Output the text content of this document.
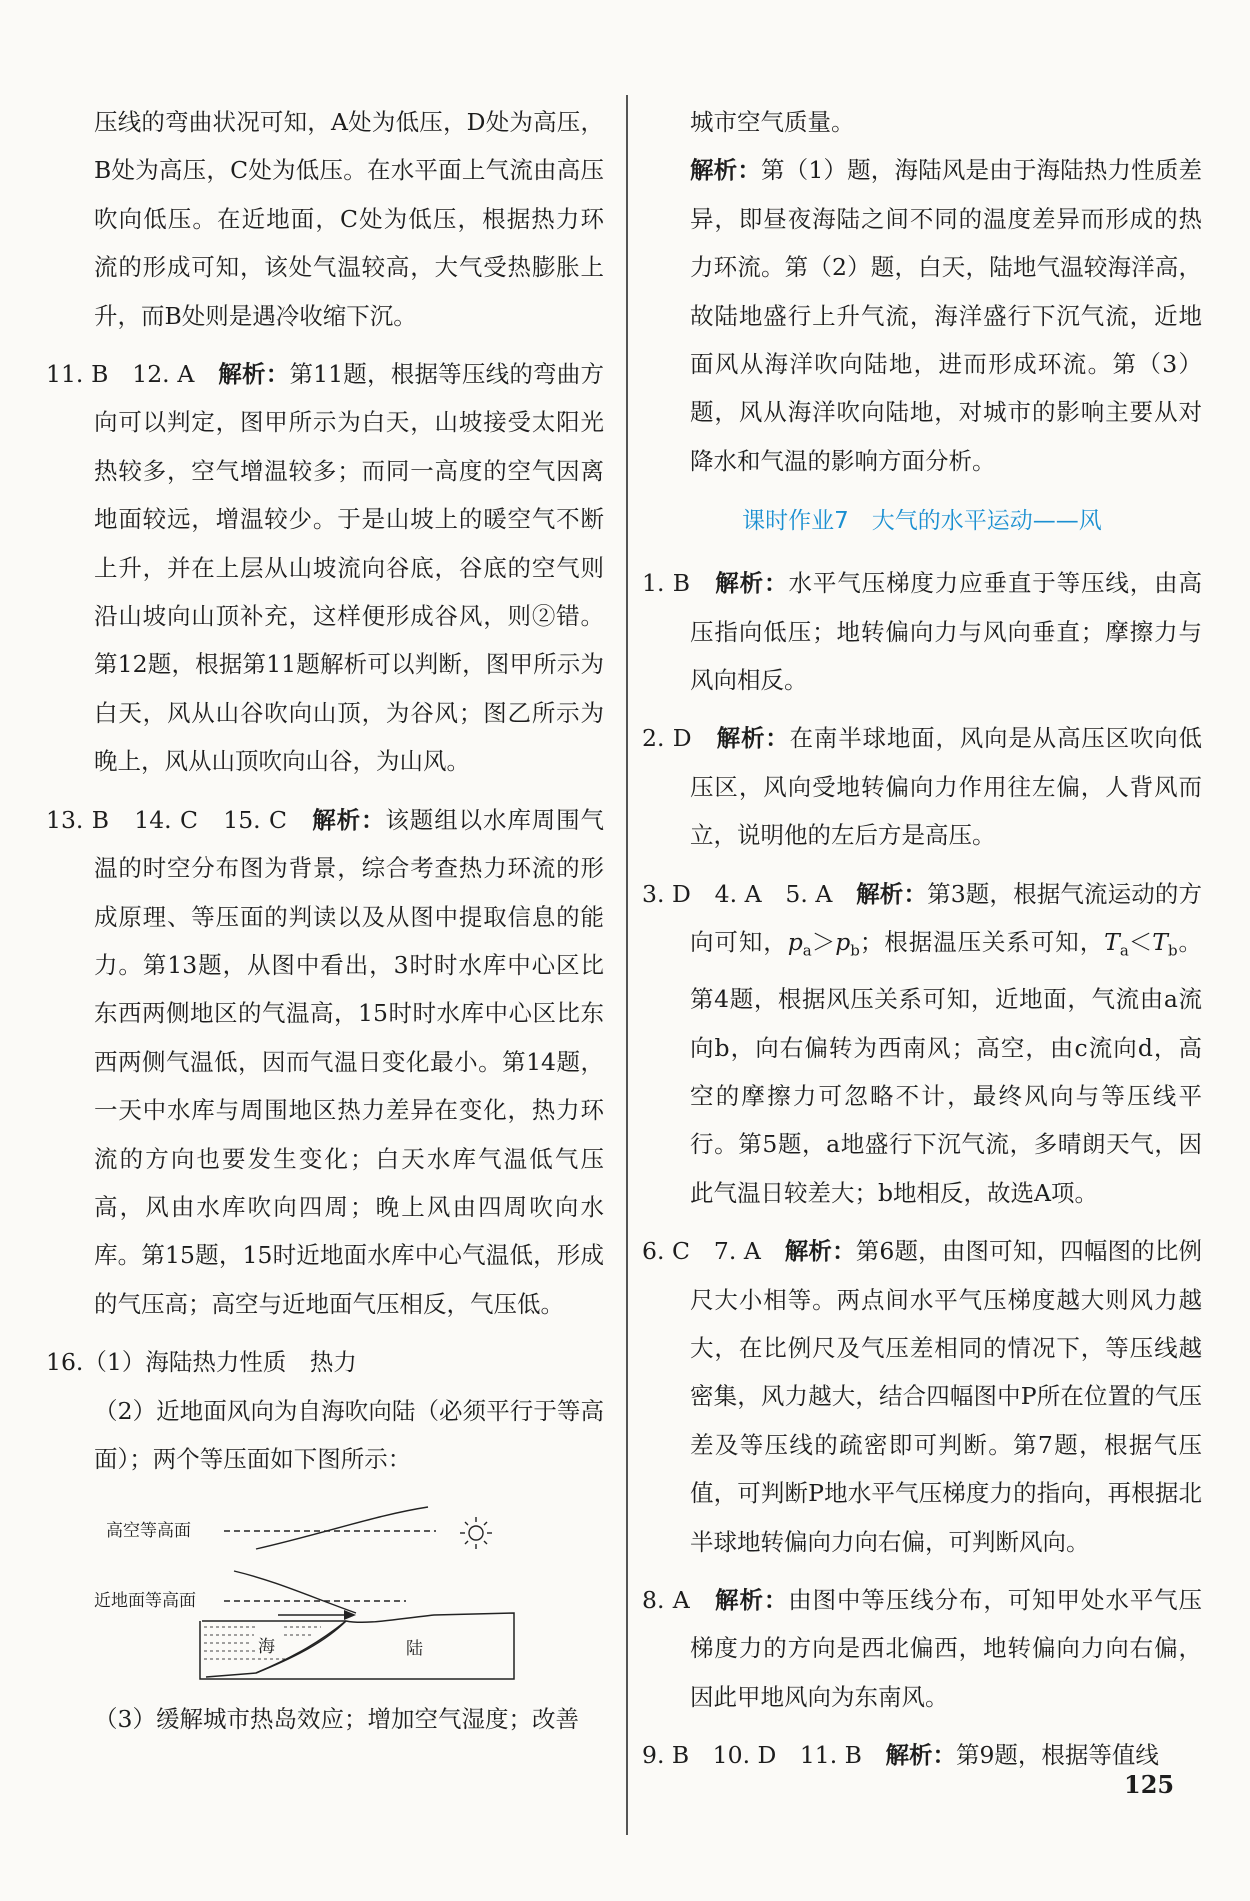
压线的弯曲状况可知，A处为低压，D处为高压，B处为高压，C处为低压。在水平面上气流由高压吹向低压。在近地面，C处为低压，根据热力环流的形成可知，该处气温较高，大气受热膨胀上升，而B处则是遇冷收缩下沉。

11. B　12. A　解析：第11题，根据等压线的弯曲方向可以判定，图甲所示为白天，山坡接受太阳光热较多，空气增温较多；而同一高度的空气因离地面较远，增温较少。于是山坡上的暖空气不断上升，并在上层从山坡流向谷底，谷底的空气则沿山坡向山顶补充，这样便形成谷风，则②错。第12题，根据第11题解析可以判断，图甲所示为白天，风从山谷吹向山顶，为谷风；图乙所示为晚上，风从山顶吹向山谷，为山风。

13. B　14. C　15. C　解析：该题组以水库周围气温的时空分布图为背景，综合考查热力环流的形成原理、等压面的判读以及从图中提取信息的能力。第13题，从图中看出，3时时水库中心区比东西两侧地区的气温高，15时时水库中心区比东西两侧气温低，因而气温日变化最小。第14题，一天中水库与周围地区热力差异在变化，热力环流的方向也要发生变化；白天水库气温低气压高，风由水库吹向四周；晚上风由四周吹向水库。第15题，15时近地面水库中心气温低，形成的气压高；高空与近地面气压相反，气压低。

16.（1）海陆热力性质　热力

（2）近地面风向为自海吹向陆（必须平行于等高面）；两个等压面如下图所示：

高空等高面
近地面等高面
海	陆

（3）缓解城市热岛效应；增加空气湿度；改善

城市空气质量。

解析：第（1）题，海陆风是由于海陆热力性质差异，即昼夜海陆之间不同的温度差异而形成的热力环流。第（2）题，白天，陆地气温较海洋高，故陆地盛行上升气流，海洋盛行下沉气流，近地面风从海洋吹向陆地，进而形成环流。第（3）题，风从海洋吹向陆地，对城市的影响主要从对降水和气温的影响方面分析。

课时作业7　大气的水平运动——风

1. B　解析：水平气压梯度力应垂直于等压线，由高压指向低压；地转偏向力与风向垂直；摩擦力与风向相反。

2. D　解析：在南半球地面，风向是从高压区吹向低压区，风向受地转偏向力作用往左偏，人背风而立，说明他的左后方是高压。

3. D　4. A　5. A　解析：第3题，根据气流运动的方向可知，$p_a>p_b$；根据温压关系可知，$T_a<T_b$。第4题，根据风压关系可知，近地面，气流由a流向b，向右偏转为西南风；高空，由c流向d，高空的摩擦力可忽略不计，最终风向与等压线平行。第5题，a地盛行下沉气流，多晴朗天气，因此气温日较差大；b地相反，故选A项。

6. C　7. A　解析：第6题，由图可知，四幅图的比例尺大小相等。两点间水平气压梯度越大则风力越大，在比例尺及气压差相同的情况下，等压线越密集，风力越大，结合四幅图中P所在位置的气压差及等压线的疏密即可判断。第7题，根据气压值，可判断P地水平气压梯度力的指向，再根据北半球地转偏向力向右偏，可判断风向。

8. A　解析：由图中等压线分布，可知甲处水平气压梯度力的方向是西北偏西，地转偏向力向右偏，因此甲地风向为东南风。

9. B　10. D　11. B　解析：第9题，根据等值线

125
